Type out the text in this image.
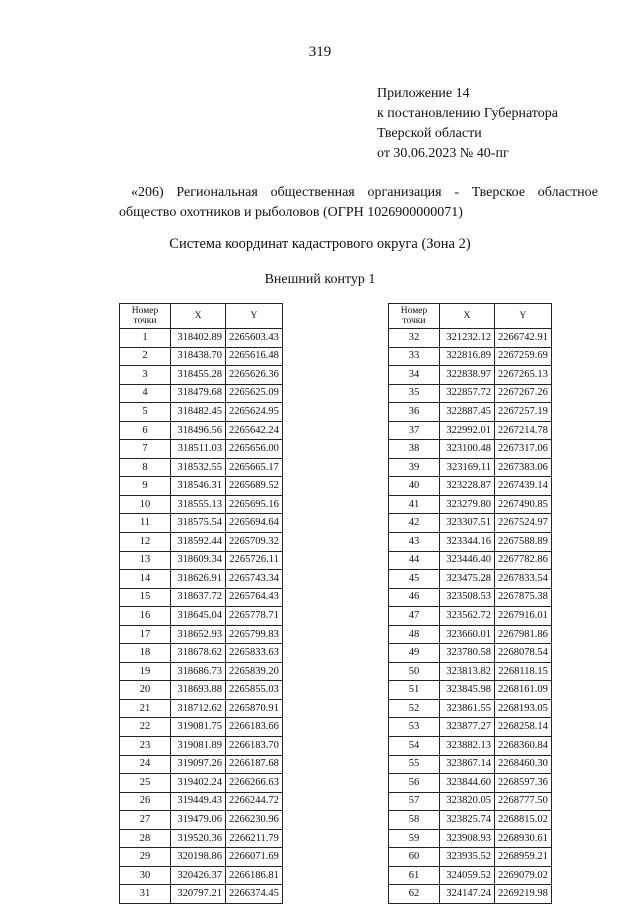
319
Приложение 14
к постановлению Губернатора
Тверской области
от 30.06.2023 № 40-пг
«206) Региональная общественная организация - Тверское областное общество охотников и рыболовов (ОГРН 1026900000071)
Система координат кадастрового округа (Зона 2)
Внешний контур 1
Номер
точки	X	Y
1	318402.89	2265603.43
2	318438.70	2265616.48
3	318455.28	2265626.36
4	318479.68	2265625.09
5	318482.45	2265624.95
6	318496.56	2265642.24
7	318511.03	2265656.00
8	318532.55	2265665.17
9	318546.31	2265689.52
10	318555.13	2265695.16
11	318575.54	2265694.64
12	318592.44	2265709.32
13	318609.34	2265726.11
14	318626.91	2265743.34
15	318637.72	2265764.43
16	318645.04	2265778.71
17	318652.93	2265799.83
18	318678.62	2265833.63
19	318686.73	2265839.20
20	318693.88	2265855.03
21	318712.62	2265870.91
22	319081.75	2266183.66
23	319081.89	2266183.70
24	319097.26	2266187.68
25	319402.24	2266266.63
26	319449.43	2266244.72
27	319479.06	2266230.96
28	319520.36	2266211.79
29	320198.86	2266071.69
30	320426.37	2266186.81
31	320797.21	2266374.45
Номер
точки	X	Y
32	321232.12	2266742.91
33	322816.89	2267259.69
34	322838.97	2267265.13
35	322857.72	2267267.26
36	322887.45	2267257.19
37	322992.01	2267214.78
38	323100.48	2267317.06
39	323169.11	2267383.06
40	323228.87	2267439.14
41	323279.80	2267490.85
42	323307.51	2267524.97
43	323344.16	2267588.89
44	323446.40	2267782.86
45	323475.28	2267833.54
46	323508.53	2267875.38
47	323562.72	2267916.01
48	323660.01	2267981.86
49	323780.58	2268078.54
50	323813.82	2268118.15
51	323845.98	2268161.09
52	323861.55	2268193.05
53	323877.27	2268258.14
54	323882.13	2268360.84
55	323867.14	2268460.30
56	323844.60	2268597.36
57	323820.05	2268777.50
58	323825.74	2268815.02
59	323908.93	2268930.61
60	323935.52	2268959.21
61	324059.52	2269079.02
62	324147.24	2269219.98
